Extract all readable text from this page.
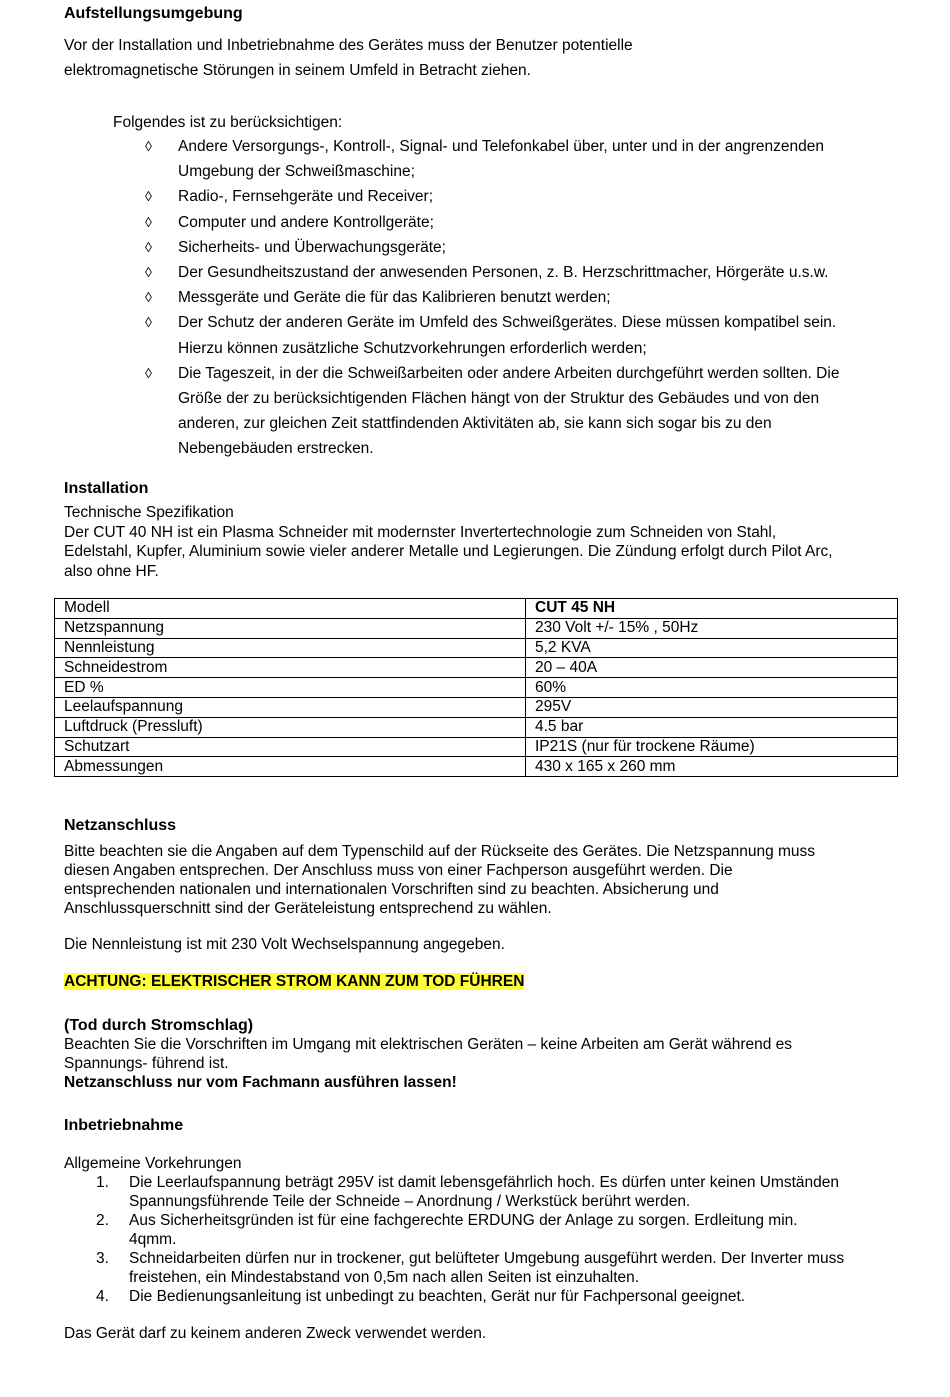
Aufstellungsumgebung
Vor der Installation und Inbetriebnahme des Gerätes muss der Benutzer potentielle
elektromagnetische Störungen in seinem Umfeld in Betracht ziehen.
Folgendes ist zu berücksichtigen:
◊ Andere Versorgungs-, Kontroll-, Signal- und Telefonkabel über, unter und in der angrenzenden
Umgebung der Schweißmaschine;
◊ Radio-, Fernsehgeräte und Receiver;
◊ Computer und andere Kontrollgeräte;
◊ Sicherheits- und Überwachungsgeräte;
◊ Der Gesundheitszustand der anwesenden Personen, z. B. Herzschrittmacher, Hörgeräte u.s.w.
◊ Messgeräte und Geräte die für das Kalibrieren benutzt werden;
◊ Der Schutz der anderen Geräte im Umfeld des Schweißgerätes. Diese müssen kompatibel sein.
Hierzu können zusätzliche Schutzvorkehrungen erforderlich werden;
◊ Die Tageszeit, in der die Schweißarbeiten oder andere Arbeiten durchgeführt werden sollten. Die
Größe der zu berücksichtigenden Flächen hängt von der Struktur des Gebäudes und von den
anderen, zur gleichen Zeit stattfindenden Aktivitäten ab, sie kann sich sogar bis zu den
Nebengebäuden erstrecken.
Installation
Technische Spezifikation
Der CUT 40 NH ist ein Plasma Schneider mit modernster Invertertechnologie zum Schneiden von Stahl,
Edelstahl, Kupfer, Aluminium sowie vieler anderer Metalle und Legierungen. Die Zündung erfolgt durch Pilot Arc,
also ohne HF.
Modell	CUT 45 NH
Netzspannung	230 Volt +/- 15% , 50Hz
Nennleistung	5,2 KVA
Schneidestrom	20 – 40A
ED %	60%
Leelaufspannung	295V
Luftdruck (Pressluft)	4.5 bar
Schutzart	IP21S (nur für trockene Räume)
Abmessungen	430 x 165 x 260 mm
Netzanschluss
Bitte beachten sie die Angaben auf dem Typenschild auf der Rückseite des Gerätes. Die Netzspannung muss
diesen Angaben entsprechen. Der Anschluss muss von einer Fachperson ausgeführt werden. Die
entsprechenden nationalen und internationalen Vorschriften sind zu beachten. Absicherung und
Anschlussquerschnitt sind der Geräteleistung entsprechend zu wählen.
Die Nennleistung ist mit 230 Volt Wechselspannung angegeben.
ACHTUNG: ELEKTRISCHER STROM KANN ZUM TOD FÜHREN
(Tod durch Stromschlag)
Beachten Sie die Vorschriften im Umgang mit elektrischen Geräten – keine Arbeiten am Gerät während es
Spannungs- führend ist.
Netzanschluss nur vom Fachmann ausführen lassen!
Inbetriebnahme
Allgemeine Vorkehrungen
1. Die Leerlaufspannung beträgt 295V ist damit lebensgefährlich hoch. Es dürfen unter keinen Umständen
Spannungsführende Teile der Schneide – Anordnung / Werkstück berührt werden.
2. Aus Sicherheitsgründen ist für eine fachgerechte ERDUNG der Anlage zu sorgen. Erdleitung min.
4qmm.
3. Schneidarbeiten dürfen nur in trockener, gut belüfteter Umgebung ausgeführt werden. Der Inverter muss
freistehen, ein Mindestabstand von 0,5m nach allen Seiten ist einzuhalten.
4. Die Bedienungsanleitung ist unbedingt zu beachten, Gerät nur für Fachpersonal geeignet.
Das Gerät darf zu keinem anderen Zweck verwendet werden.
